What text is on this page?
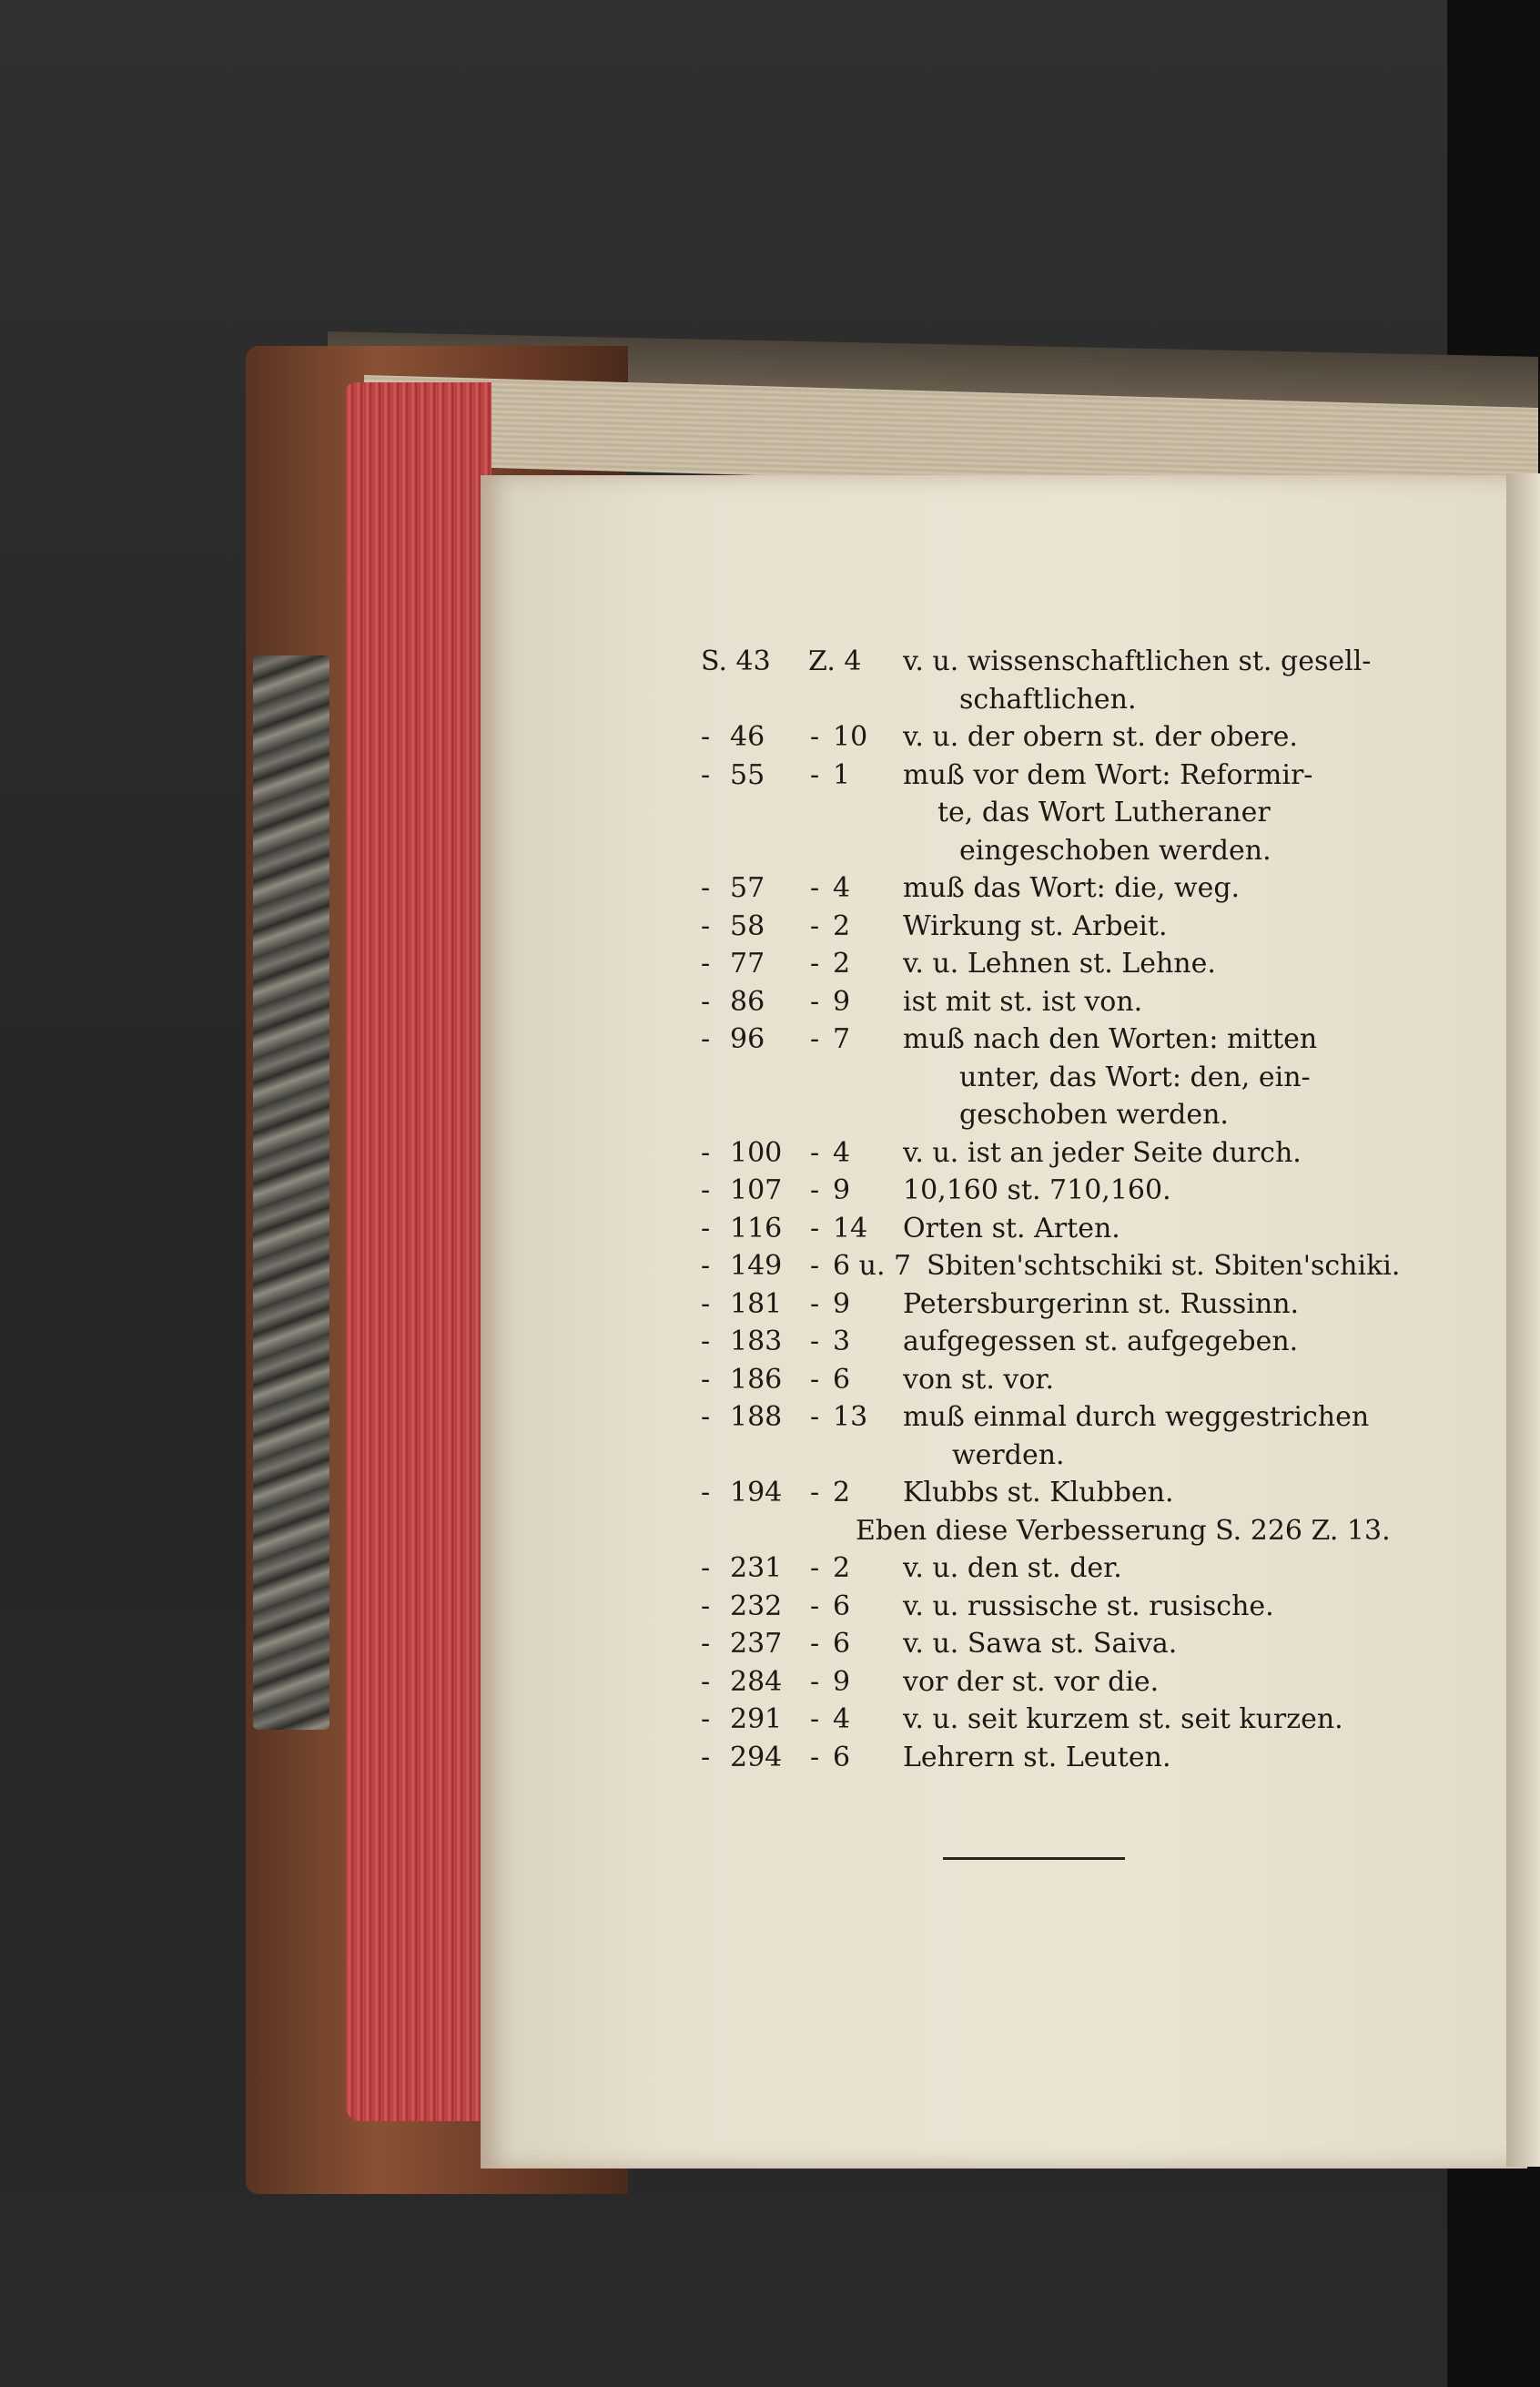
S. 43	Z. 4	v. u. wissenschaftlichen st. gesell-
schaftlichen.
- 46	- 10	v. u. der obern st. der obere.
- 55	- 1	muß vor dem Wort: Reformir-
te, das Wort Lutheraner
eingeschoben werden.
- 57	- 4	muß das Wort: die, weg.
- 58	- 2	Wirkung st. Arbeit.
- 77	- 2	v. u. Lehnen st. Lehne.
- 86	- 9	ist mit st. ist von.
- 96	- 7	muß nach den Worten: mitten
unter, das Wort: den, ein-
geschoben werden.
- 100	- 4	v. u. ist an jeder Seite durch.
- 107	- 9	10,160 st. 710,160.
- 116	- 14	Orten st. Arten.
- 149	- 6 u. 7 Sbiten'schtschiki st. Sbiten'schiki.
- 181	- 9	Petersburgerinn st. Russinn.
- 183	- 3	aufgegessen st. aufgegeben.
- 186	- 6	von st. vor.
- 188	- 13	muß einmal durch weggestrichen
werden.
- 194	- 2	Klubbs st. Klubben.
Eben diese Verbesserung S. 226 Z. 13.
- 231	- 2	v. u. den st. der.
- 232	- 6	v. u. russische st. rusische.
- 237	- 6	v. u. Sawa st. Saiva.
- 284	- 9	vor der st. vor die.
- 291	- 4	v. u. seit kurzem st. seit kurzen.
- 294	- 6	Lehrern st. Leuten.
